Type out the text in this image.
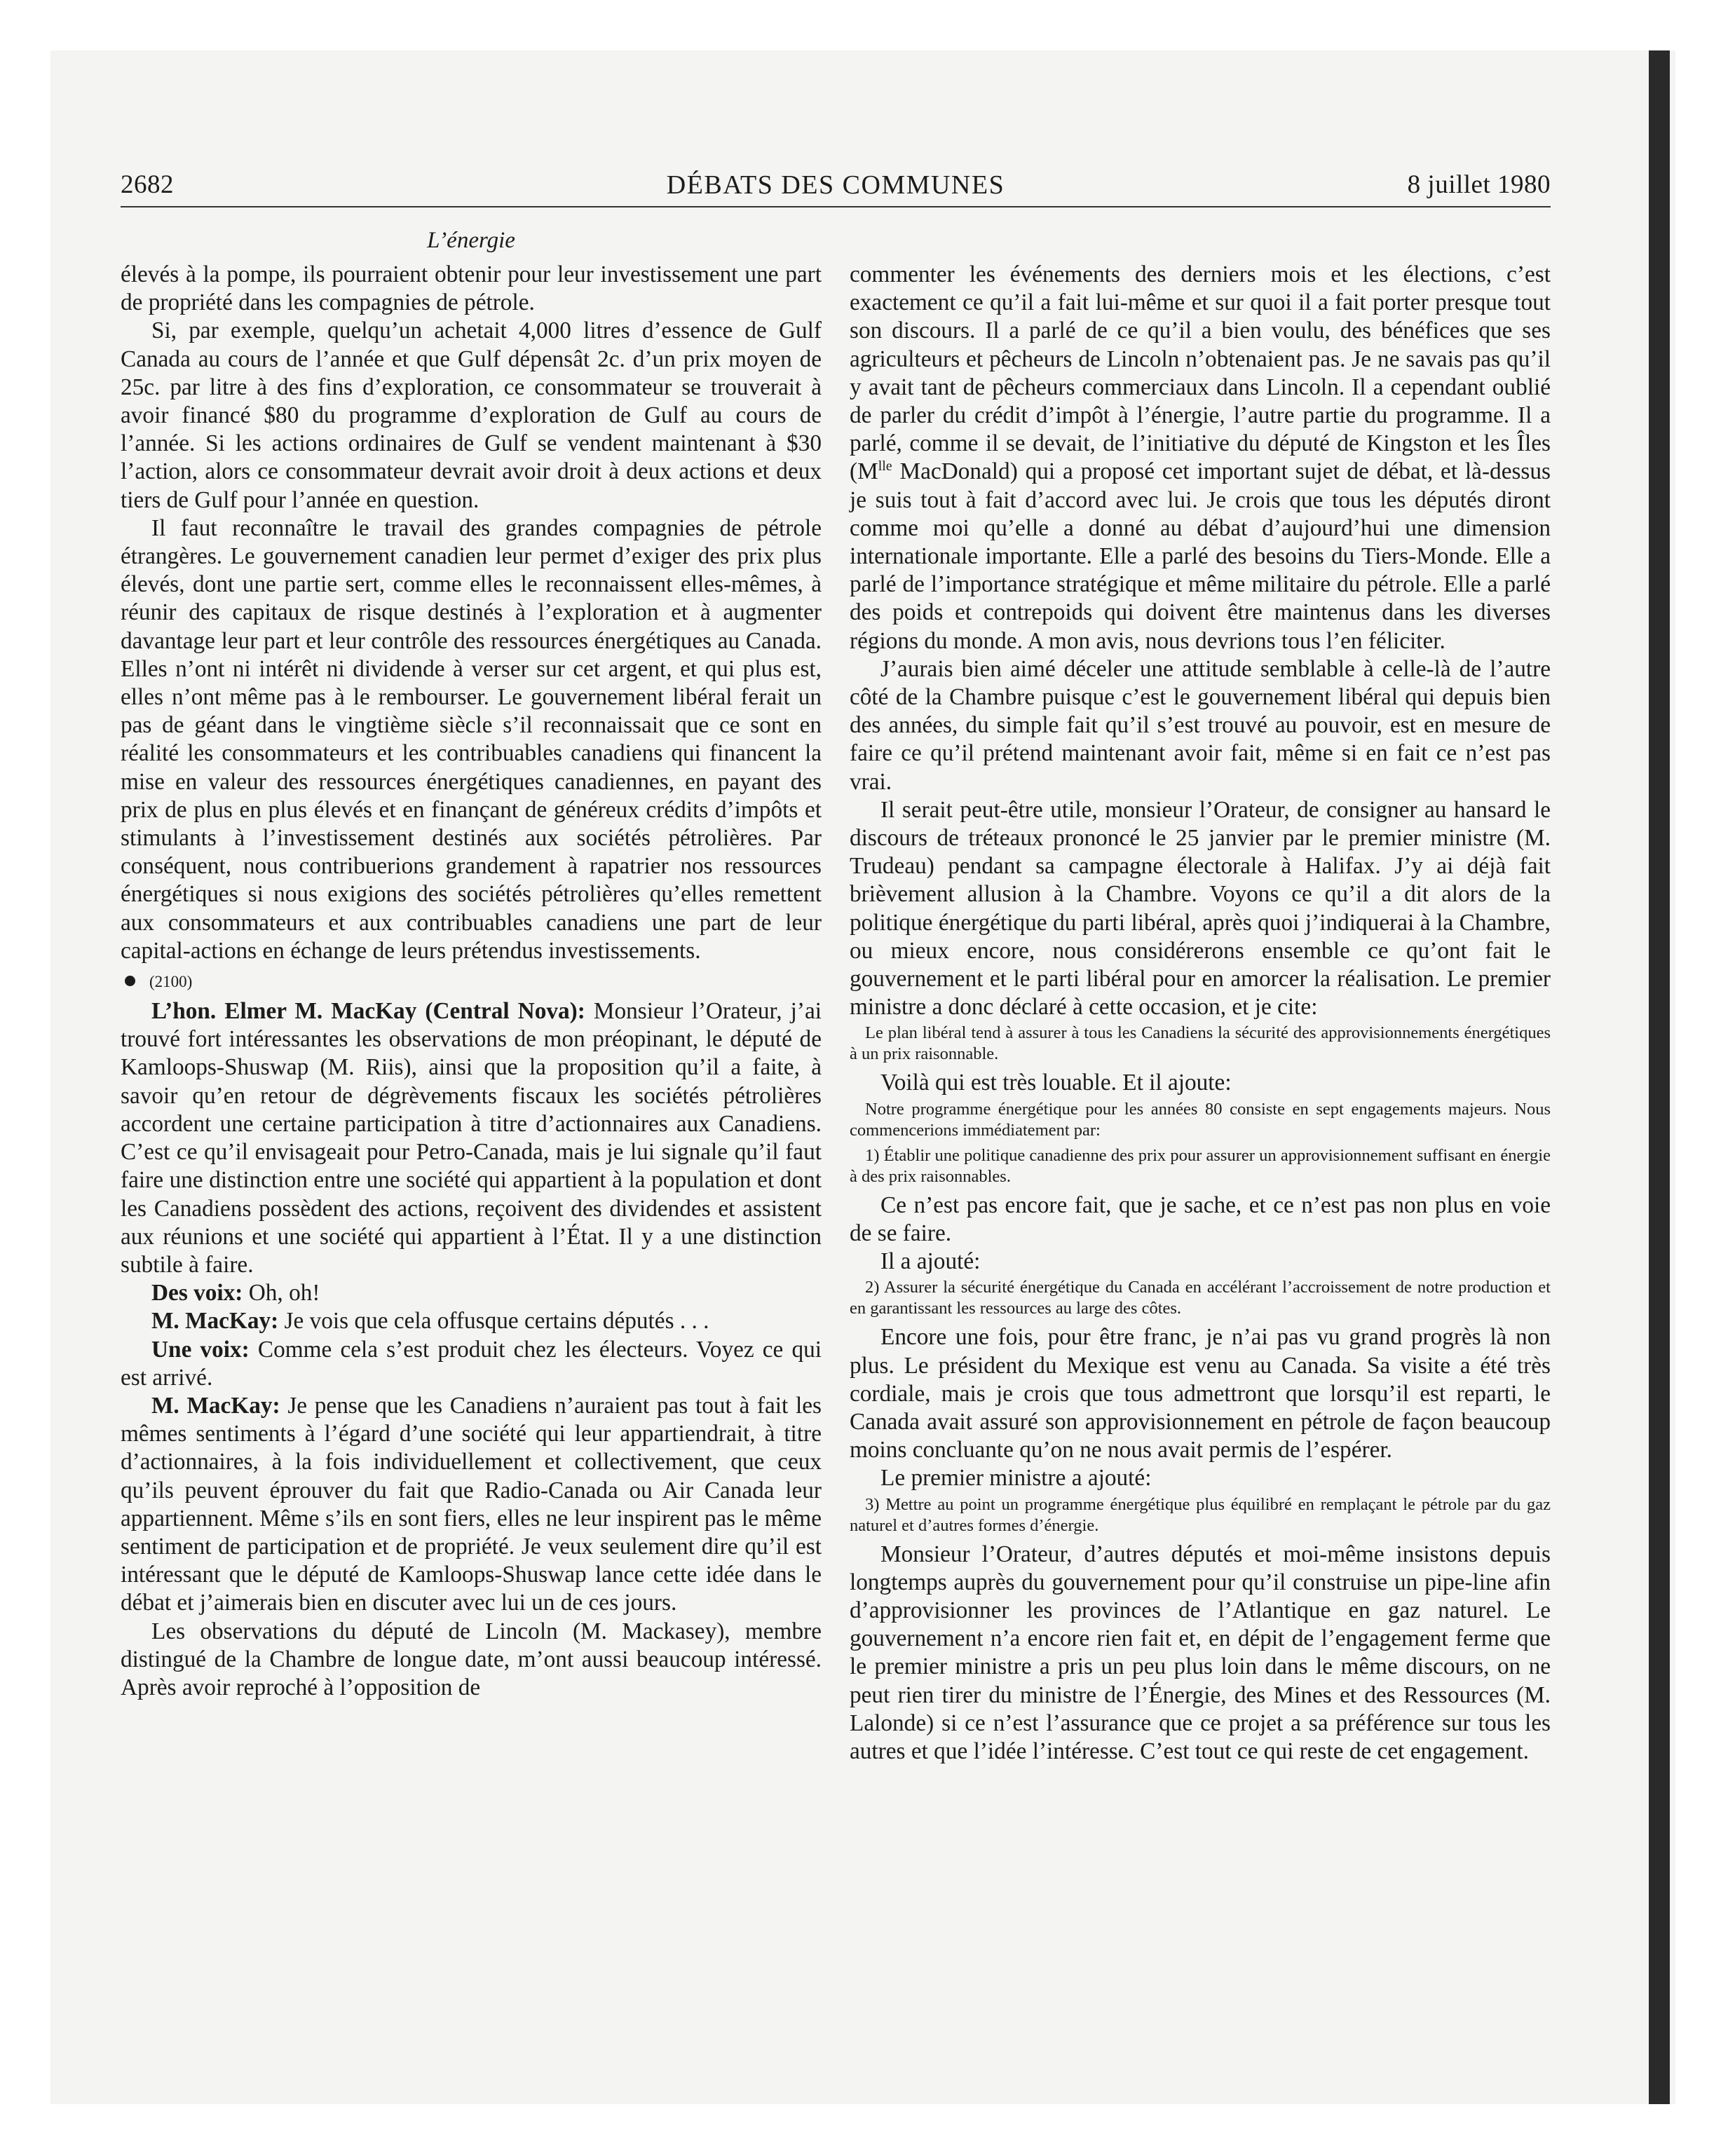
DÉBATS DES COMMUNES
2682	8 juillet 1980
L’énergie

élevés à la pompe, ils pourraient obtenir pour leur investissement une part de propriété dans les compagnies de pétrole.

Si, par exemple, quelqu’un achetait 4,000 litres d’essence de Gulf Canada au cours de l’année et que Gulf dépensât 2c. d’un prix moyen de 25c. par litre à des fins d’exploration, ce consommateur se trouverait à avoir financé $80 du programme d’exploration de Gulf au cours de l’année. Si les actions ordinaires de Gulf se vendent maintenant à $30 l’action, alors ce consommateur devrait avoir droit à deux actions et deux tiers de Gulf pour l’année en question.

Il faut reconnaître le travail des grandes compagnies de pétrole étrangères. Le gouvernement canadien leur permet d’exiger des prix plus élevés, dont une partie sert, comme elles le reconnaissent elles-mêmes, à réunir des capitaux de risque destinés à l’exploration et à augmenter davantage leur part et leur contrôle des ressources énergétiques au Canada. Elles n’ont ni intérêt ni dividende à verser sur cet argent, et qui plus est, elles n’ont même pas à le rembourser. Le gouvernement libéral ferait un pas de géant dans le vingtième siècle s’il reconnaissait que ce sont en réalité les consommateurs et les contribuables canadiens qui financent la mise en valeur des ressources énergétiques canadiennes, en payant des prix de plus en plus élevés et en finançant de généreux crédits d’impôts et stimulants à l’investissement destinés aux sociétés pétrolières. Par conséquent, nous contribuerions grandement à rapatrier nos ressources énergétiques si nous exigions des sociétés pétrolières qu’elles remettent aux consommateurs et aux contribuables canadiens une part de leur capital-actions en échange de leurs prétendus investissements.

(2100)

L’hon. Elmer M. MacKay (Central Nova): Monsieur l’Orateur, j’ai trouvé fort intéressantes les observations de mon préopinant, le député de Kamloops-Shuswap (M. Riis), ainsi que la proposition qu’il a faite, à savoir qu’en retour de dégrèvements fiscaux les sociétés pétrolières accordent une certaine participation à titre d’actionnaires aux Canadiens. C’est ce qu’il envisageait pour Petro-Canada, mais je lui signale qu’il faut faire une distinction entre une société qui appartient à la population et dont les Canadiens possèdent des actions, reçoivent des dividendes et assistent aux réunions et une société qui appartient à l’État. Il y a une distinction subtile à faire.

Des voix: Oh, oh!

M. MacKay: Je vois que cela offusque certains députés . . .

Une voix: Comme cela s’est produit chez les électeurs. Voyez ce qui est arrivé.

M. MacKay: Je pense que les Canadiens n’auraient pas tout à fait les mêmes sentiments à l’égard d’une société qui leur appartiendrait, à titre d’actionnaires, à la fois individuellement et collectivement, que ceux qu’ils peuvent éprouver du fait que Radio-Canada ou Air Canada leur appartiennent. Même s’ils en sont fiers, elles ne leur inspirent pas le même sentiment de participation et de propriété. Je veux seulement dire qu’il est intéressant que le député de Kamloops-Shuswap lance cette idée dans le débat et j’aimerais bien en discuter avec lui un de ces jours.

Les observations du député de Lincoln (M. Mackasey), membre distingué de la Chambre de longue date, m’ont aussi beaucoup intéressé. Après avoir reproché à l’opposition de

commenter les événements des derniers mois et les élections, c’est exactement ce qu’il a fait lui-même et sur quoi il a fait porter presque tout son discours. Il a parlé de ce qu’il a bien voulu, des bénéfices que ses agriculteurs et pêcheurs de Lincoln n’obtenaient pas. Je ne savais pas qu’il y avait tant de pêcheurs commerciaux dans Lincoln. Il a cependant oublié de parler du crédit d’impôt à l’énergie, l’autre partie du programme. Il a parlé, comme il se devait, de l’initiative du député de Kingston et les Îles ($M^{lle}$ MacDonald) qui a proposé cet important sujet de débat, et là-dessus je suis tout à fait d’accord avec lui. Je crois que tous les députés diront comme moi qu’elle a donné au débat d’aujourd’hui une dimension internationale importante. Elle a parlé des besoins du Tiers-Monde. Elle a parlé de l’importance stratégique et même militaire du pétrole. Elle a parlé des poids et contrepoids qui doivent être maintenus dans les diverses régions du monde. A mon avis, nous devrions tous l’en féliciter.

J’aurais bien aimé déceler une attitude semblable à celle-là de l’autre côté de la Chambre puisque c’est le gouvernement libéral qui depuis bien des années, du simple fait qu’il s’est trouvé au pouvoir, est en mesure de faire ce qu’il prétend maintenant avoir fait, même si en fait ce n’est pas vrai.

Il serait peut-être utile, monsieur l’Orateur, de consigner au hansard le discours de tréteaux prononcé le 25 janvier par le premier ministre (M. Trudeau) pendant sa campagne électorale à Halifax. J’y ai déjà fait brièvement allusion à la Chambre. Voyons ce qu’il a dit alors de la politique énergétique du parti libéral, après quoi j’indiquerai à la Chambre, ou mieux encore, nous considérerons ensemble ce qu’ont fait le gouvernement et le parti libéral pour en amorcer la réalisation. Le premier ministre a donc déclaré à cette occasion, et je cite:

Le plan libéral tend à assurer à tous les Canadiens la sécurité des approvisionnements énergétiques à un prix raisonnable.

Voilà qui est très louable. Et il ajoute:

Notre programme énergétique pour les années 80 consiste en sept engagements majeurs. Nous commencerions immédiatement par:

1) Établir une politique canadienne des prix pour assurer un approvisionnement suffisant en énergie à des prix raisonnables.

Ce n’est pas encore fait, que je sache, et ce n’est pas non plus en voie de se faire.

Il a ajouté:

2) Assurer la sécurité énergétique du Canada en accélérant l’accroissement de notre production et en garantissant les ressources au large des côtes.

Encore une fois, pour être franc, je n’ai pas vu grand progrès là non plus. Le président du Mexique est venu au Canada. Sa visite a été très cordiale, mais je crois que tous admettront que lorsqu’il est reparti, le Canada avait assuré son approvisionnement en pétrole de façon beaucoup moins concluante qu’on ne nous avait permis de l’espérer.

Le premier ministre a ajouté:

3) Mettre au point un programme énergétique plus équilibré en remplaçant le pétrole par du gaz naturel et d’autres formes d’énergie.

Monsieur l’Orateur, d’autres députés et moi-même insistons depuis longtemps auprès du gouvernement pour qu’il construise un pipe-line afin d’approvisionner les provinces de l’Atlantique en gaz naturel. Le gouvernement n’a encore rien fait et, en dépit de l’engagement ferme que le premier ministre a pris un peu plus loin dans le même discours, on ne peut rien tirer du ministre de l’Énergie, des Mines et des Ressources (M. Lalonde) si ce n’est l’assurance que ce projet a sa préférence sur tous les autres et que l’idée l’intéresse. C’est tout ce qui reste de cet engagement.
